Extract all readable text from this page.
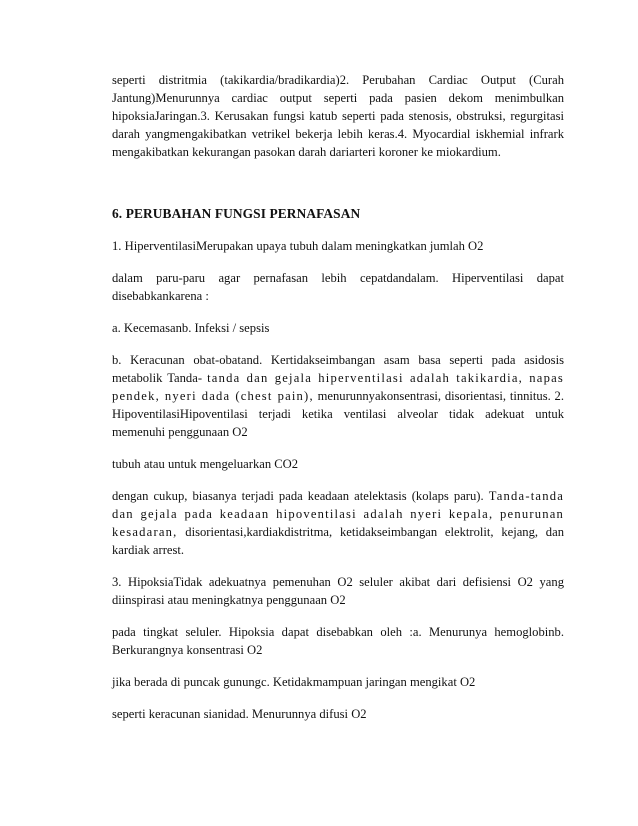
seperti distritmia (takikardia/bradikardia)2. Perubahan Cardiac Output (Curah Jantung)Menurunnya cardiac output seperti pada pasien dekom menimbulkan hipoksiaJaringan.3. Kerusakan fungsi katub seperti pada stenosis, obstruksi, regurgitasi darah yangmengakibatkan vetrikel bekerja lebih keras.4. Myocardial iskhemial infrark mengakibatkan kekurangan pasokan darah dariarteri koroner ke miokardium.

6. PERUBAHAN FUNGSI PERNAFASAN

1. HiperventilasiMerupakan upaya tubuh dalam meningkatkan jumlah O2

dalam paru-paru agar pernafasan lebih cepatdandalam. Hiperventilasi dapat disebabkankarena :

a. Kecemasanb. Infeksi / sepsis

b. Keracunan obat-obatand. Kertidakseimbangan asam basa seperti pada asidosis metabolik Tanda- tanda dan gejala hiperventilasi adalah takikardia, napas pendek, nyeri dada (chest pain), menurunnyakonsentrasi, disorientasi, tinnitus. 2. HipoventilasiHipoventilasi terjadi ketika ventilasi alveolar tidak adekuat untuk memenuhi penggunaan O2

tubuh atau untuk mengeluarkan CO2

dengan cukup, biasanya terjadi pada keadaan atelektasis (kolaps paru). Tanda-tanda dan gejala pada keadaan hipoventilasi adalah nyeri kepala, penurunan kesadaran, disorientasi,kardiakdistritma, ketidakseimbangan elektrolit, kejang, dan kardiak arrest.

3. HipoksiaTidak adekuatnya pemenuhan O2 seluler akibat dari defisiensi O2 yang diinspirasi atau meningkatnya penggunaan O2

pada tingkat seluler. Hipoksia dapat disebabkan oleh :a. Menurunya hemoglobinb. Berkurangnya konsentrasi O2

jika berada di puncak gunungc. Ketidakmampuan jaringan mengikat O2

seperti keracunan sianidad. Menurunnya difusi O2
